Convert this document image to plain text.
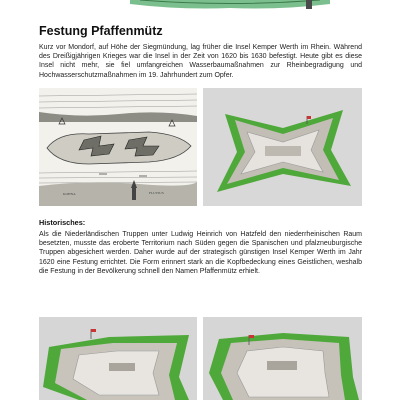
Festung Pfaffenmütz

Kurz vor Mondorf, auf Höhe der Siegmündung, lag früher die Insel Kemper Werth im Rhein. Während des Dreißigjährigen Krieges war die Insel in der Zeit von 1620 bis 1630 befestigt. Heute gibt es diese Insel nicht mehr, sie fiel umfangreichen Wasserbaumaßnahmen zur Rheinbegradigung und Hochwasserschutzmaßnahmen im 19. Jahrhundert zum Opfer.

KOHNA	FLUVIUS
Historisches:

Als die Niederländischen Truppen unter Ludwig Heinrich von Hatzfeld den niederrheinischen Raum besetzten, musste das eroberte Territorium nach Süden gegen die Spanischen und pfalzneuburgische Truppen abgesichert werden. Daher wurde auf der strategisch günstigen Insel Kemper Werth im Jahr 1620 eine Festung errichtet. Die Form erinnert stark an die Kopfbedeckung eines Geistlichen, weshalb die Festung in der Bevölkerung schnell den Namen Pfaffenmütz erhielt.
